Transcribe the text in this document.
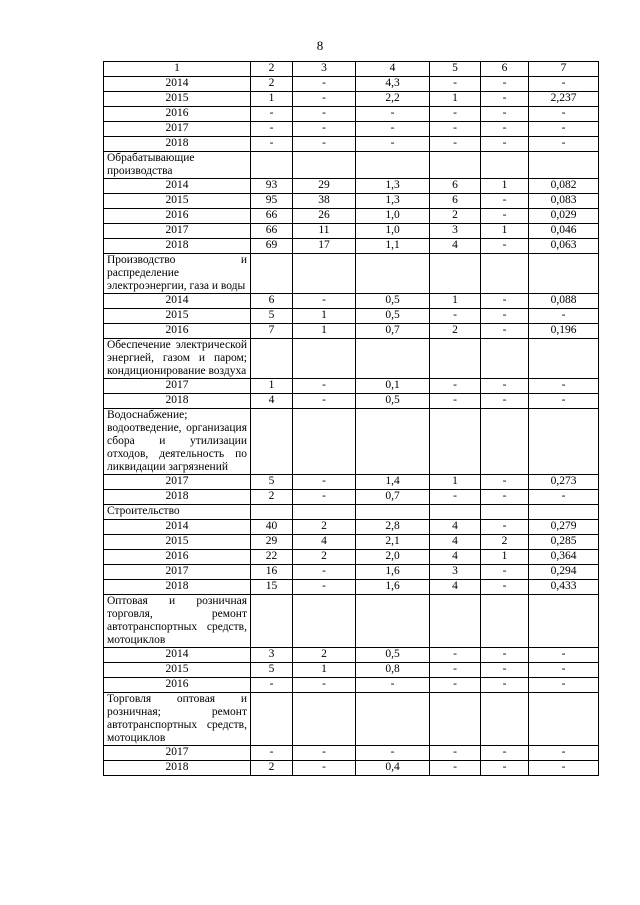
8
1	2	3	4	5	6	7
2014	2	-	4,3	-	-	-
2015	1	-	2,2	1	-	2,237
2016	-	-	-	-	-	-
2017	-	-	-	-	-	-
2018	-	-	-	-	-	-
Обрабатывающие производства						
2014	93	29	1,3	6	1	0,082
2015	95	38	1,3	6	-	0,083
2016	66	26	1,0	2	-	0,029
2017	66	11	1,0	3	1	0,046
2018	69	17	1,1	4	-	0,063
Производство и распределение электроэнергии, газа и воды						
2014	6	-	0,5	1	-	0,088
2015	5	1	0,5	-	-	-
2016	7	1	0,7	2	-	0,196
Обеспечение электрической энергией, газом и паром; кондиционирование воздуха						
2017	1	-	0,1	-	-	-
2018	4	-	0,5	-	-	-
Водоснабжение; водоотведение, организация сбора и утилизации отходов, деятельность по ликвидации загрязнений						
2017	5	-	1,4	1	-	0,273
2018	2	-	0,7	-	-	-
Строительство						
2014	40	2	2,8	4	-	0,279
2015	29	4	2,1	4	2	0,285
2016	22	2	2,0	4	1	0,364
2017	16	-	1,6	3	-	0,294
2018	15	-	1,6	4	-	0,433
Оптовая и розничная торговля, ремонт автотранспортных средств, мотоциклов						
2014	3	2	0,5	-	-	-
2015	5	1	0,8	-	-	-
2016	-	-	-	-	-	-
Торговля оптовая и розничная; ремонт автотранспортных средств, мотоциклов						
2017	-	-	-	-	-	-
2018	2	-	0,4	-	-	-
